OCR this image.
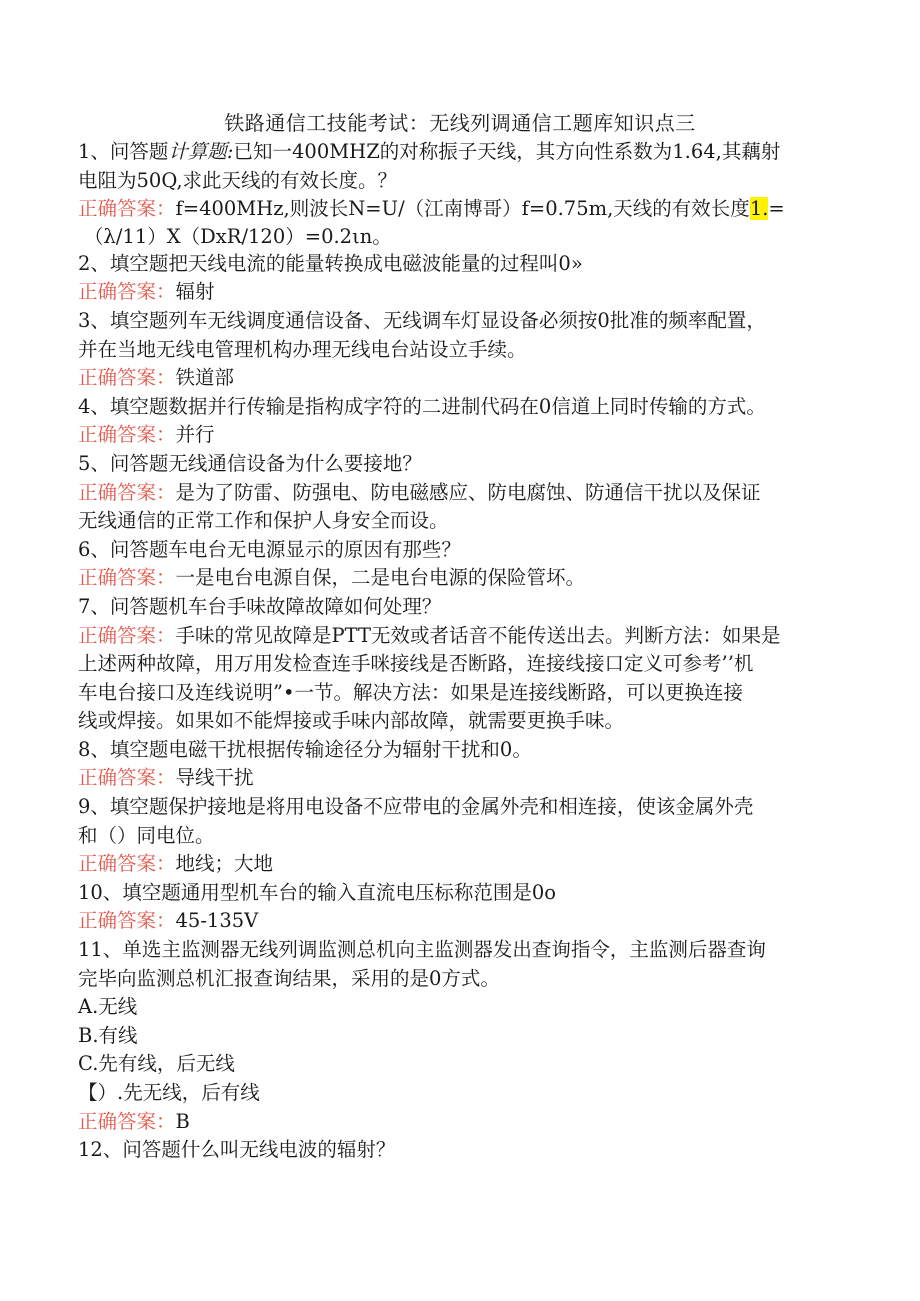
铁路通信工技能考试：无线列调通信工题库知识点三
1、问答题计算题:已知一400MHZ的对称振子天线，其方向性系数为1.64,其藕射
电阻为50Q,求此天线的有效长度。？
正确答案：f=400MHz,则波长N=U/（江南博哥）f=0.75m,天线的有效长度1.=
（λ/11）X（DxR/120）=0.2ιn。
2、填空题把天线电流的能量转换成电磁波能量的过程叫0»
正确答案：辐射
3、填空题列车无线调度通信设备、无线调车灯显设备必须按0批准的频率配置，
并在当地无线电管理机构办理无线电台站设立手续。
正确答案：铁道部
4、填空题数据并行传输是指构成字符的二进制代码在0信道上同时传输的方式。
正确答案：并行
5、问答题无线通信设备为什么要接地？
正确答案：是为了防雷、防强电、防电磁感应、防电腐蚀、防通信干扰以及保证
无线通信的正常工作和保护人身安全而设。
6、问答题车电台无电源显示的原因有那些？
正确答案：一是电台电源自保，二是电台电源的保险管坏。
7、问答题机车台手味故障故障如何处理？
正确答案：手味的常见故障是PTT无效或者话音不能传送出去。判断方法：如果是
上述两种故障，用万用发检查连手咪接线是否断路，连接线接口定义可参考’’机
车电台接口及连线说明”•一节。解决方法：如果是连接线断路，可以更换连接
线或焊接。如果如不能焊接或手味内部故障，就需要更换手味。
8、填空题电磁干扰根据传输途径分为辐射干扰和0。
正确答案：导线干扰
9、填空题保护接地是将用电设备不应带电的金属外壳和相连接，使该金属外壳
和（）同电位。
正确答案：地线；大地
10、填空题通用型机车台的输入直流电压标称范围是0o
正确答案：45-135V
11、单选主监测器无线列调监测总机向主监测器发出查询指令，主监测后器查询
完毕向监测总机汇报查询结果，采用的是0方式。
A.无线
B.有线
C.先有线，后无线
【）.先无线，后有线
正确答案：B
12、问答题什么叫无线电波的辐射？
